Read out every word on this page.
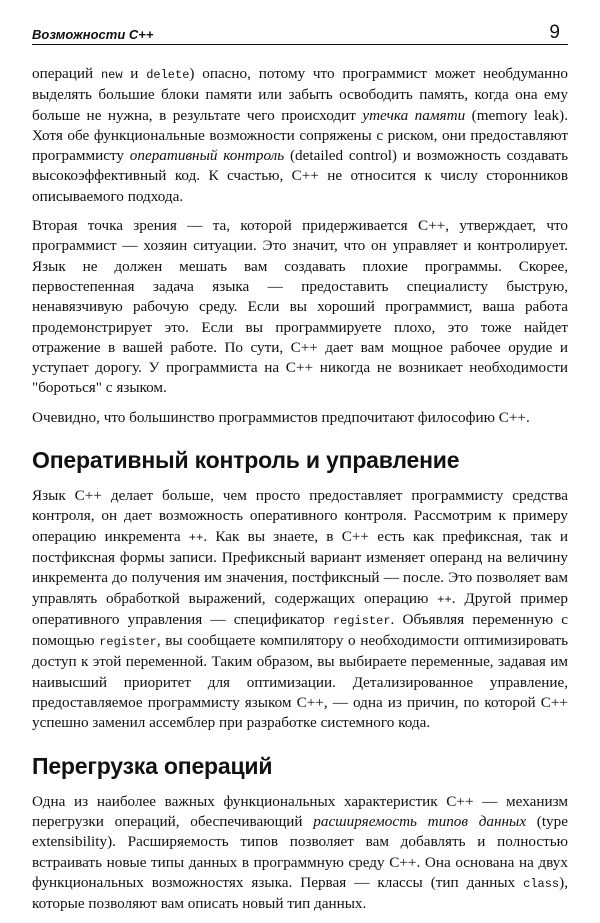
Возможности С++	9

операций new и delete) опасно, потому что программист может необдуманно выделять большие блоки памяти или забыть освободить память, когда она ему больше не нужна, в результате чего происходит утечка памяти (memory leak). Хотя обе функциональные возможности сопряжены с риском, они предоставляют программисту оперативный контроль (detailed control) и возможность создавать высокоэффективный код. К счастью, С++ не относится к числу сторонников описываемого подхода.

Вторая точка зрения — та, которой придерживается С++, утверждает, что программист — хозяин ситуации. Это значит, что он управляет и контролирует. Язык не должен мешать вам создавать плохие программы. Скорее, первостепенная задача языка — предоставить специалисту быструю, ненавязчивую рабочую среду. Если вы хороший программист, ваша работа продемонстрирует это. Если вы программируете плохо, это тоже найдет отражение в вашей работе. По сути, С++ дает вам мощное рабочее орудие и уступает дорогу. У программиста на С++ никогда не возникает необходимости "бороться" с языком.

Очевидно, что большинство программистов предпочитают философию С++.

Оперативный контроль и управление

Язык С++ делает больше, чем просто предоставляет программисту средства контроля, он дает возможность оперативного контроля. Рассмотрим к примеру операцию инкремента ++. Как вы знаете, в С++ есть как префиксная, так и постфиксная формы записи. Префиксный вариант изменяет операнд на величину инкремента до получения им значения, постфиксный — после. Это позволяет вам управлять обработкой выражений, содержащих операцию ++. Другой пример оперативного управления — спецификатор register. Объявляя переменную с помощью register, вы сообщаете компилятору о необходимости оптимизировать доступ к этой переменной. Таким образом, вы выбираете переменные, задавая им наивысший приоритет для оптимизации. Детализированное управление, предоставляемое программисту языком С++, — одна из причин, по которой С++ успешно заменил ассемблер при разработке системного кода.

Перегрузка операций

Одна из наиболее важных функциональных характеристик С++ — механизм перегрузки операций, обеспечивающий расширяемость типов данных (type extensibility). Расширяемость типов позволяет вам добавлять и полностью встраивать новые типы данных в программную среду С++. Она основана на двух функциональных возможностях языка. Первая — классы (тип данных class), которые позволяют вам описать новый тип данных.
